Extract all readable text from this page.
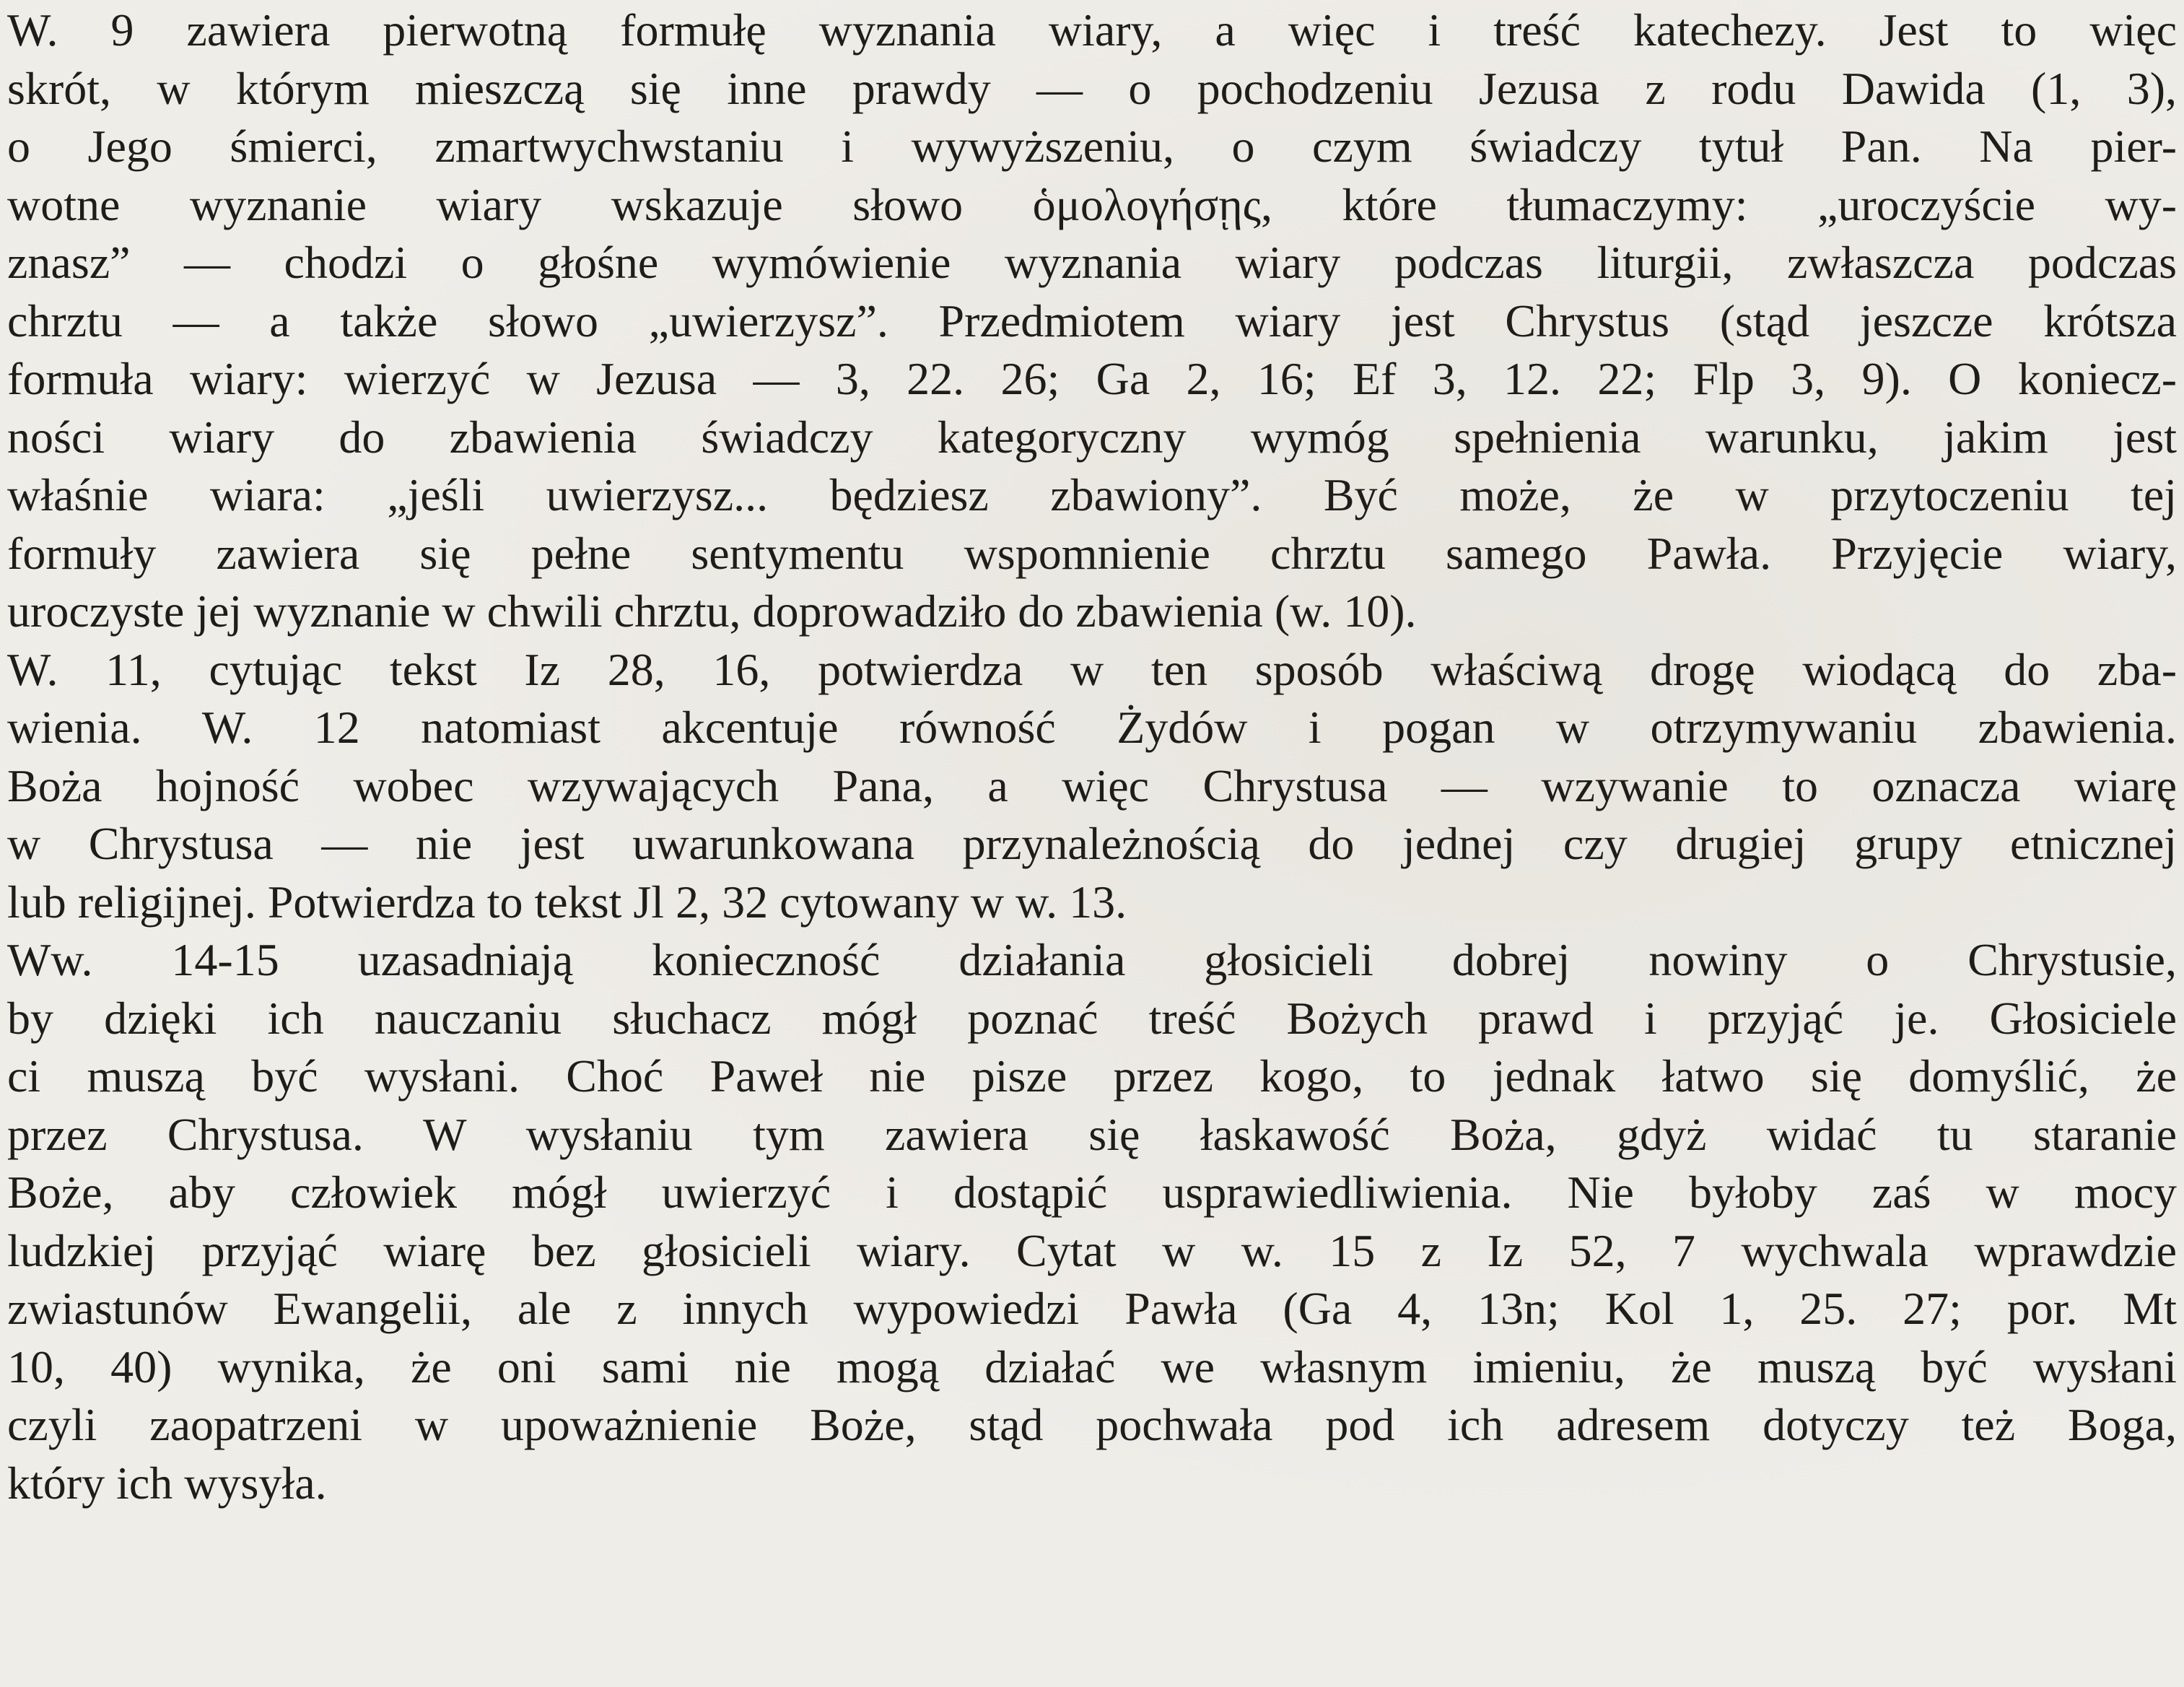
W. 9 zawiera pierwotną formułę wyznania wiary, a więc i treść katechezy. Jest to więc
skrót, w którym mieszczą się inne prawdy — o pochodzeniu Jezusa z rodu Dawida (1, 3),
o Jego śmierci, zmartwychwstaniu i wywyższeniu, o czym świadczy tytuł Pan. Na pier-
wotne wyznanie wiary wskazuje słowo ὁμολογήσῃς, które tłumaczymy: „uroczyście wy-
znasz” — chodzi o głośne wymówienie wyznania wiary podczas liturgii, zwłaszcza podczas
chrztu — a także słowo „uwierzysz”. Przedmiotem wiary jest Chrystus (stąd jeszcze krótsza
formuła wiary: wierzyć w Jezusa — 3, 22. 26; Ga 2, 16; Ef 3, 12. 22; Flp 3, 9). O koniecz-
ności wiary do zbawienia świadczy kategoryczny wymóg spełnienia warunku, jakim jest
właśnie wiara: „jeśli uwierzysz... będziesz zbawiony”. Być może, że w przytoczeniu tej
formuły zawiera się pełne sentymentu wspomnienie chrztu samego Pawła. Przyjęcie wiary,
uroczyste jej wyznanie w chwili chrztu, doprowadziło do zbawienia (w. 10).
W. 11, cytując tekst Iz 28, 16, potwierdza w ten sposób właściwą drogę wiodącą do zba-
wienia. W. 12 natomiast akcentuje równość Żydów i pogan w otrzymywaniu zbawienia.
Boża hojność wobec wzywających Pana, a więc Chrystusa — wzywanie to oznacza wiarę
w Chrystusa — nie jest uwarunkowana przynależnością do jednej czy drugiej grupy etnicznej
lub religijnej. Potwierdza to tekst Jl 2, 32 cytowany w w. 13.
Ww. 14-15 uzasadniają konieczność działania głosicieli dobrej nowiny o Chrystusie,
by dzięki ich nauczaniu słuchacz mógł poznać treść Bożych prawd i przyjąć je. Głosiciele
ci muszą być wysłani. Choć Paweł nie pisze przez kogo, to jednak łatwo się domyślić, że
przez Chrystusa. W wysłaniu tym zawiera się łaskawość Boża, gdyż widać tu staranie
Boże, aby człowiek mógł uwierzyć i dostąpić usprawiedliwienia. Nie byłoby zaś w mocy
ludzkiej przyjąć wiarę bez głosicieli wiary. Cytat w w. 15 z Iz 52, 7 wychwala wprawdzie
zwiastunów Ewangelii, ale z innych wypowiedzi Pawła (Ga 4, 13n; Kol 1, 25. 27; por. Mt
10, 40) wynika, że oni sami nie mogą działać we własnym imieniu, że muszą być wysłani
czyli zaopatrzeni w upoważnienie Boże, stąd pochwała pod ich adresem dotyczy też Boga,
który ich wysyła.
